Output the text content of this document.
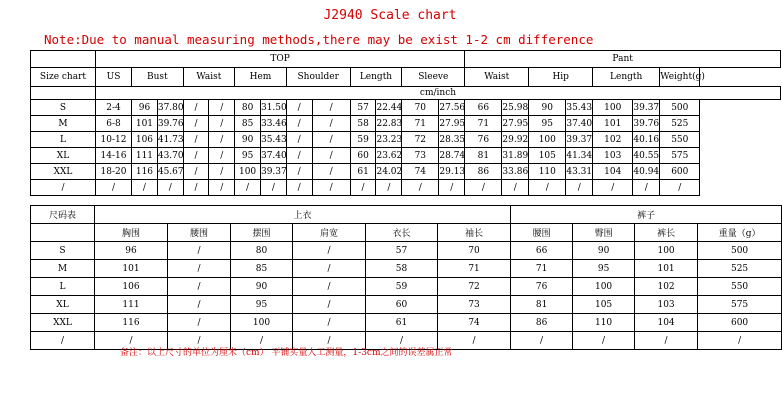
J2940 Scale chart
Note:Due to manual measuring methods,there may be exist 1-2 cm difference
	TOP													Pant						
Size chart	US	Bust		Waist		Hem		Shoulder		Length		Sleeve		Waist		Hip		Length		Weight(g)
	cm/inch																			
S	2-4	96	37.80	/	/	80	31.50	/	/	57	22.44	70	27.56	66	25.98	90	35.43	100	39.37	500
M	6-8	101	39.76	/	/	85	33.46	/	/	58	22.83	71	27.95	71	27.95	95	37.40	101	39.76	525
L	10-12	106	41.73	/	/	90	35.43	/	/	59	23.23	72	28.35	76	29.92	100	39.37	102	40.16	550
XL	14-16	111	43.70	/	/	95	37.40	/	/	60	23.62	73	28.74	81	31.89	105	41.34	103	40.55	575
XXL	18-20	116	45.67	/	/	100	39.37	/	/	61	24.02	74	29.13	86	33.86	110	43.31	104	40.94	600
/	/	/	/	/	/	/	/	/	/	/	/	/	/	/	/	/	/	/	/	/
尺码表	上衣						裤子			
	胸围	腰围	摆围	肩宽	衣长	袖长	腰围	臀围	裤长	重量（g）
S	96	/	80	/	57	70	66	90	100	500
M	101	/	85	/	58	71	71	95	101	525
L	106	/	90	/	59	72	76	100	102	550
XL	111	/	95	/	60	73	81	105	103	575
XXL	116	/	100	/	61	74	86	110	104	600
/	/	/	/	/	/	/	/	/	/	/
备注：以上尺寸的单位为厘米（cm） 平铺实量人工测量，1-3cm之间的误差属正常
